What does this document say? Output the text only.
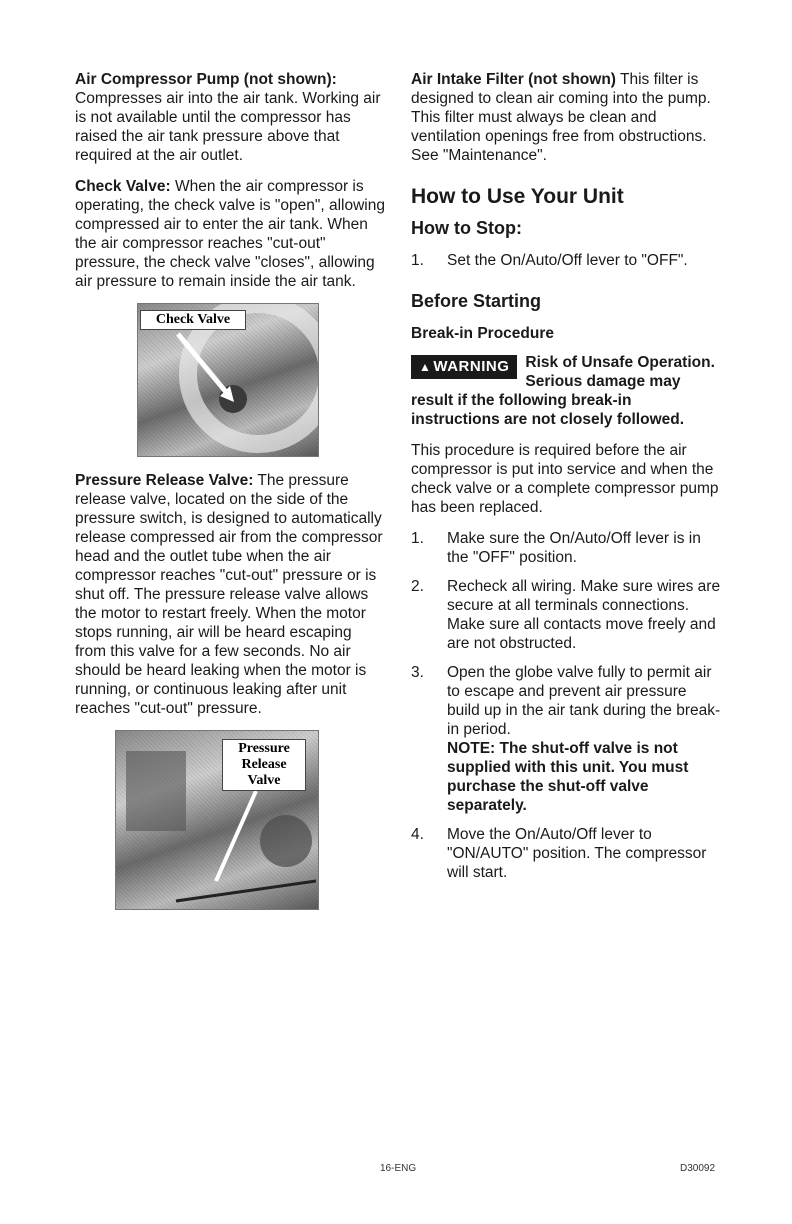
Air Compressor Pump (not shown): Compresses air into the air tank. Working air is not available until the compressor has raised the air tank pressure above that required at the air outlet.

Check Valve: When the air compressor is operating, the check valve is "open", allowing compressed air to enter the air tank. When the air compressor reaches "cut-out" pressure, the check valve "closes", allowing air pressure to remain inside the air tank.

Check Valve

Pressure Release Valve: The pressure release valve, located on the side of the pressure switch, is designed to automatically release compressed air from the compressor head and the outlet tube when the air compressor reaches "cut-out" pressure or is shut off. The pressure release valve allows the motor to restart freely. When the motor stops running, air will be heard escaping from this valve for a few seconds. No air should be heard leaking when the motor is running, or continuous leaking after unit reaches "cut-out" pressure.

Pressure Release Valve

Air Intake Filter (not shown) This filter is designed to clean air coming into the pump. This filter must always be clean and ventilation openings free from obstructions. See "Maintenance".

How to Use Your Unit
How to Stop:
1.	Set the On/Auto/Off lever to "OFF".
Before Starting
Break-in Procedure
▲ WARNING	Risk of Unsafe Operation. Serious damage may result if the following break-in instructions are not closely followed.

This procedure is required before the air compressor is put into service and when the check valve or a complete compressor pump has been replaced.

1.	Make sure the On/Auto/Off lever is in the "OFF" position.
2.	Recheck all wiring. Make sure wires are secure at all terminals connections. Make sure all contacts move freely and are not obstructed.
3.	Open the globe valve fully to permit air to escape and prevent air pressure build up in the air tank during the break-in period.
NOTE: The shut-off valve is not supplied with this unit. You must purchase the shut-off valve separately.
4.	Move the On/Auto/Off lever to "ON/AUTO" position. The compressor will start.
16-ENG	D30092
